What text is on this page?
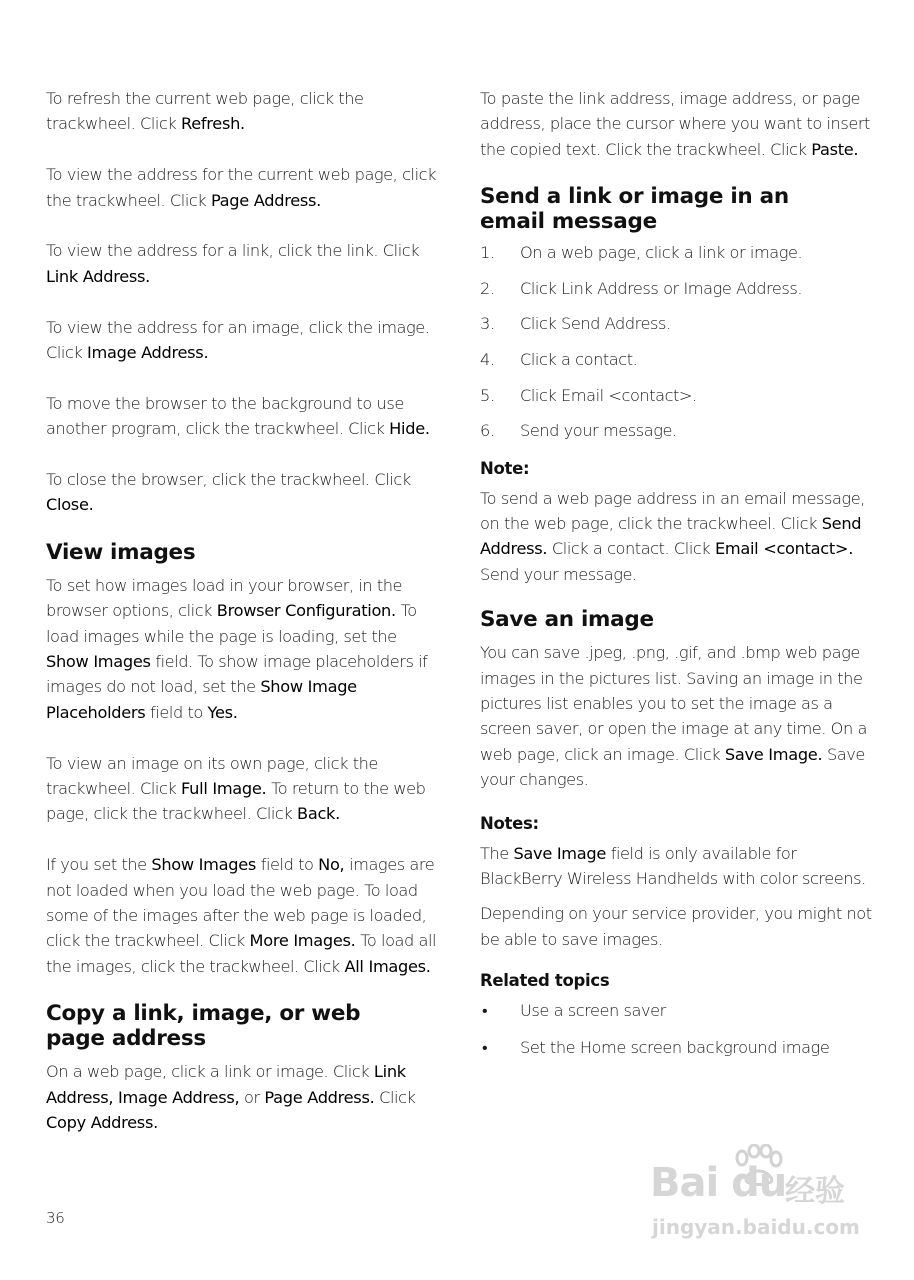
To refresh the current web page, click the trackwheel. Click Refresh.

To view the address for the current web page, click the trackwheel. Click Page Address.

To view the address for a link, click the link. Click Link Address.

To view the address for an image, click the image. Click Image Address.

To move the browser to the background to use another program, click the trackwheel. Click Hide.

To close the browser, click the trackwheel. Click Close.

View images

To set how images load in your browser, in the browser options, click Browser Configuration. To load images while the page is loading, set the Show Images field. To show image placeholders if images do not load, set the Show Image Placeholders field to Yes.

To view an image on its own page, click the trackwheel. Click Full Image. To return to the web page, click the trackwheel. Click Back.

If you set the Show Images field to No, images are not loaded when you load the web page. To load some of the images after the web page is loaded, click the trackwheel. Click More Images. To load all the images, click the trackwheel. Click All Images.

Copy a link, image, or web page address

On a web page, click a link or image. Click Link Address, Image Address, or Page Address. Click Copy Address.

To paste the link address, image address, or page address, place the cursor where you want to insert the copied text. Click the trackwheel. Click Paste.

Send a link or image in an email message
1. On a web page, click a link or image.
2. Click Link Address or Image Address.
3. Click Send Address.
4. Click a contact.
5. Click Email <contact>.
6. Send your message.
Note:

To send a web page address in an email message, on the web page, click the trackwheel. Click Send Address. Click a contact. Click Email <contact>. Send your message.

Save an image

You can save .jpeg, .png, .gif, and .bmp web page images in the pictures list. Saving an image in the pictures list enables you to set the image as a screen saver, or open the image at any time. On a web page, click an image. Click Save Image. Save your changes.

Notes:

The Save Image field is only available for BlackBerry Wireless Handhelds with color screens.

Depending on your service provider, you might not be able to save images.

Related topics
• Use a screen saver
• Set the Home screen background image
36
Bai du
经验
jingyan.baidu.com
